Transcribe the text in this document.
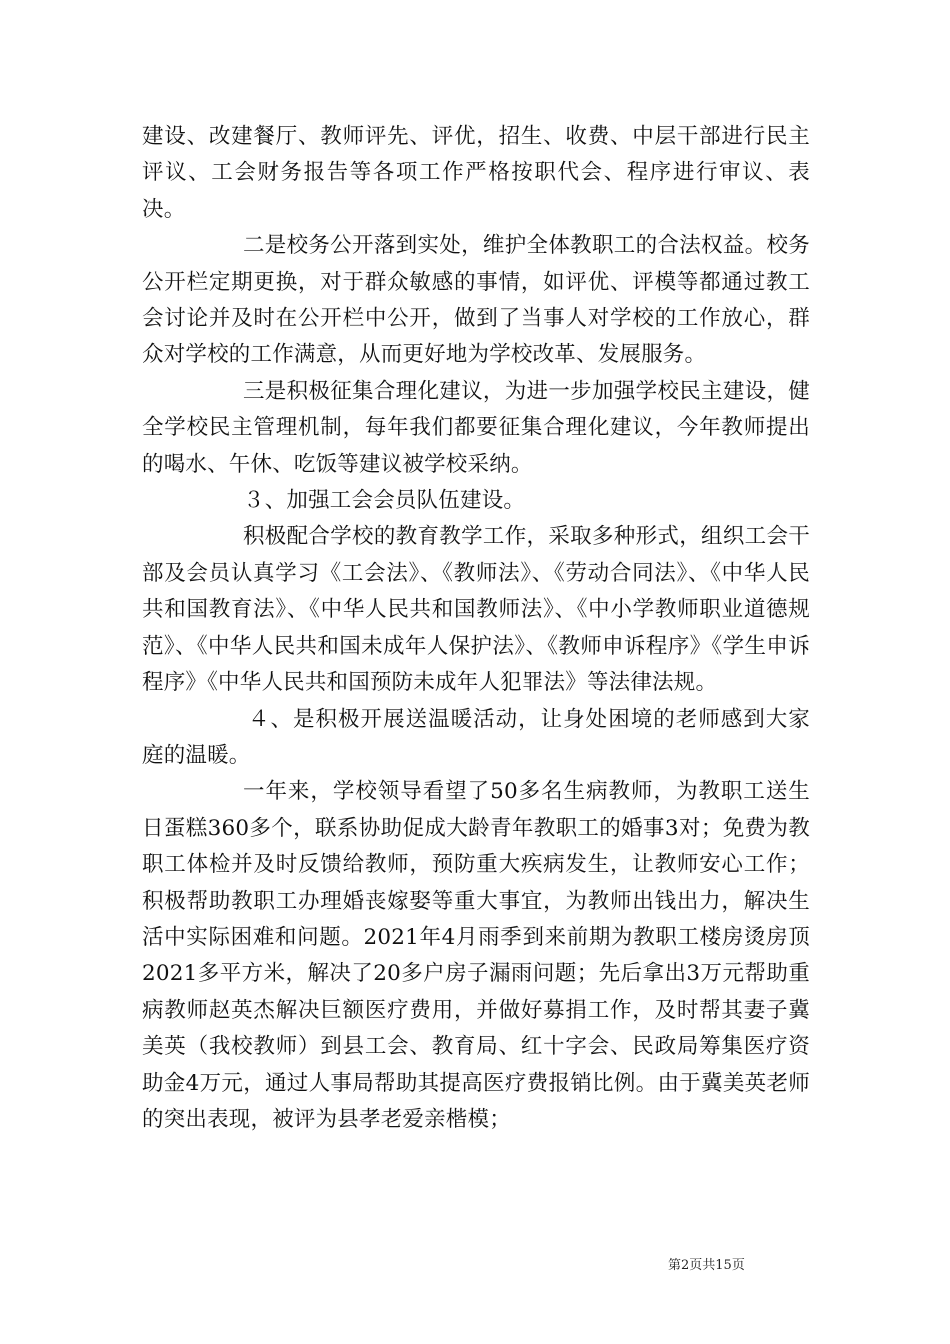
建设、改建餐厅、教师评先、评优，招生、收费、中层干部进行民主评议、工会财务报告等各项工作严格按职代会、程序进行审议、表决。

二是校务公开落到实处，维护全体教职工的合法权益。校务公开栏定期更换，对于群众敏感的事情，如评优、评模等都通过教工会讨论并及时在公开栏中公开，做到了当事人对学校的工作放心，群众对学校的工作满意，从而更好地为学校改革、发展服务。

三是积极征集合理化建议，为进一步加强学校民主建设，健全学校民主管理机制，每年我们都要征集合理化建议，今年教师提出的喝水、午休、吃饭等建议被学校采纳。

３、加强工会会员队伍建设。

积极配合学校的教育教学工作，采取多种形式，组织工会干部及会员认真学习《工会法》、《教师法》、《劳动合同法》、《中华人民共和国教育法》、《中华人民共和国教师法》、《中小学教师职业道德规范》、《中华人民共和国未成年人保护法》、《教师申诉程序》《学生申诉程序》《中华人民共和国预防未成年人犯罪法》等法律法规。

４、是积极开展送温暖活动，让身处困境的老师感到大家庭的温暖。

一年来，学校领导看望了50多名生病教师，为教职工送生日蛋糕360多个，联系协助促成大龄青年教职工的婚事3对；免费为教职工体检并及时反馈给教师，预防重大疾病发生，让教师安心工作；积极帮助教职工办理婚丧嫁娶等重大事宜，为教师出钱出力，解决生活中实际困难和问题。2021年4月雨季到来前期为教职工楼房烫房顶2021多平方米，解决了20多户房子漏雨问题；先后拿出3万元帮助重病教师赵英杰解决巨额医疗费用，并做好募捐工作，及时帮其妻子冀美英（我校教师）到县工会、教育局、红十字会、民政局筹集医疗资助金4万元，通过人事局帮助其提高医疗费报销比例。由于冀美英老师的突出表现，被评为县孝老爱亲楷模；

第2页共15页
